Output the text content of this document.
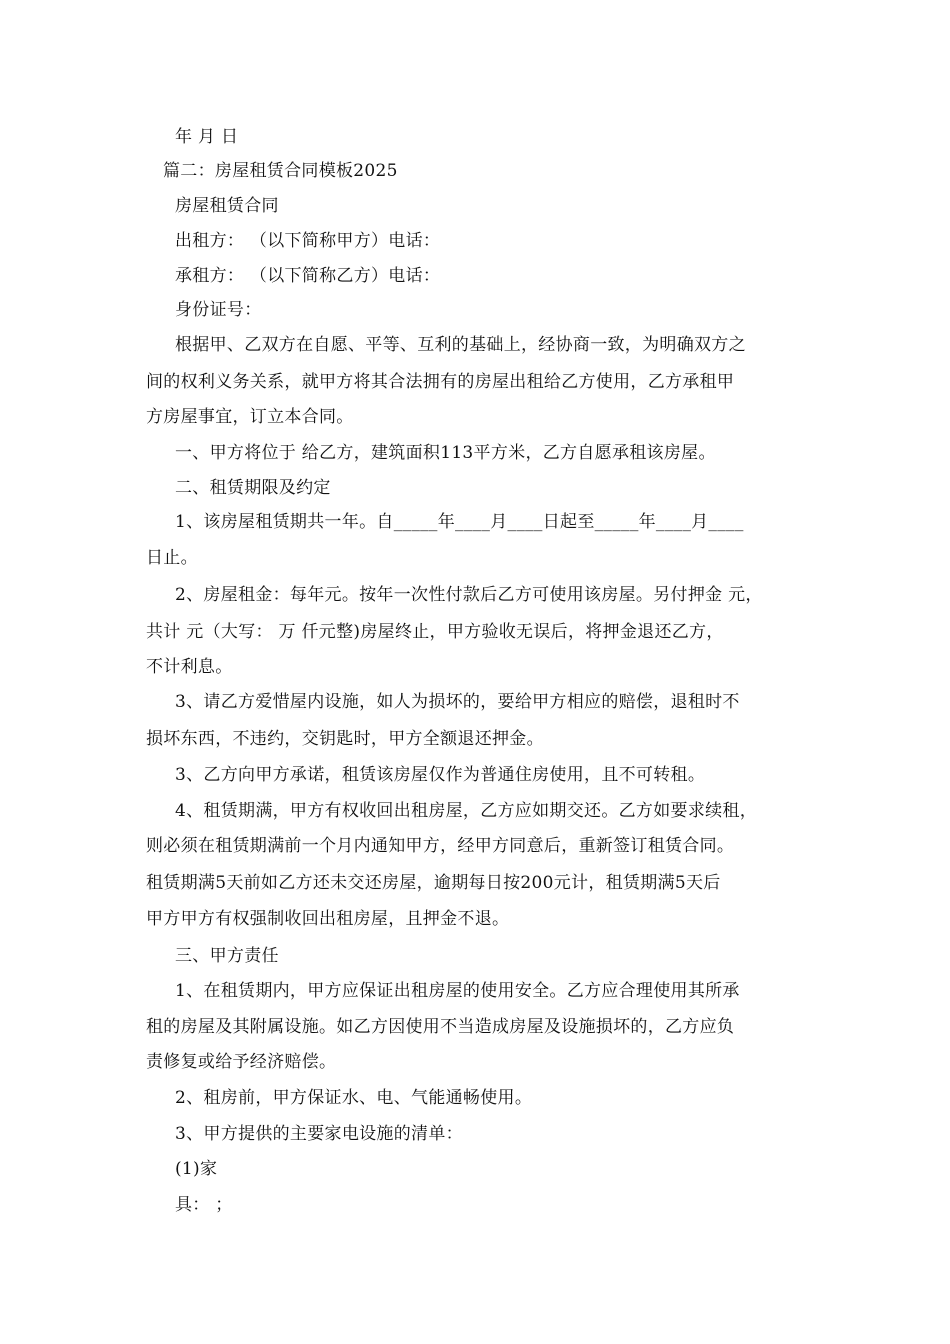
年 月 日
篇二：房屋租赁合同模板2025
房屋租赁合同
出租方： （以下简称甲方）电话：
承租方： （以下简称乙方）电话：
身份证号：
根据甲、乙双方在自愿、平等、互利的基础上，经协商一致，为明确双方之
间的权利义务关系，就甲方将其合法拥有的房屋出租给乙方使用，乙方承租甲
方房屋事宜，订立本合同。
一、甲方将位于 给乙方，建筑面积113平方米，乙方自愿承租该房屋。
二、租赁期限及约定
1、该房屋租赁期共一年。自_____年____月____日起至_____年____月____
日止。
2、房屋租金：每年元。按年一次性付款后乙方可使用该房屋。另付押金 元，
共计 元（大写： 万 仟元整)房屋终止，甲方验收无误后，将押金退还乙方，
不计利息。
3、请乙方爱惜屋内设施，如人为损坏的，要给甲方相应的赔偿，退租时不
损坏东西，不违约，交钥匙时，甲方全额退还押金。
3、乙方向甲方承诺，租赁该房屋仅作为普通住房使用，且不可转租。
4、租赁期满，甲方有权收回出租房屋，乙方应如期交还。乙方如要求续租，
则必须在租赁期满前一个月内通知甲方，经甲方同意后，重新签订租赁合同。
租赁期满5天前如乙方还未交还房屋，逾期每日按200元计，租赁期满5天后
甲方甲方有权强制收回出租房屋，且押金不退。
三、甲方责任
1、在租赁期内，甲方应保证出租房屋的使用安全。乙方应合理使用其所承
租的房屋及其附属设施。如乙方因使用不当造成房屋及设施损坏的，乙方应负
责修复或给予经济赔偿。
2、租房前，甲方保证水、电、气能通畅使用。
3、甲方提供的主要家电设施的清单：
(1)家
具： ；
